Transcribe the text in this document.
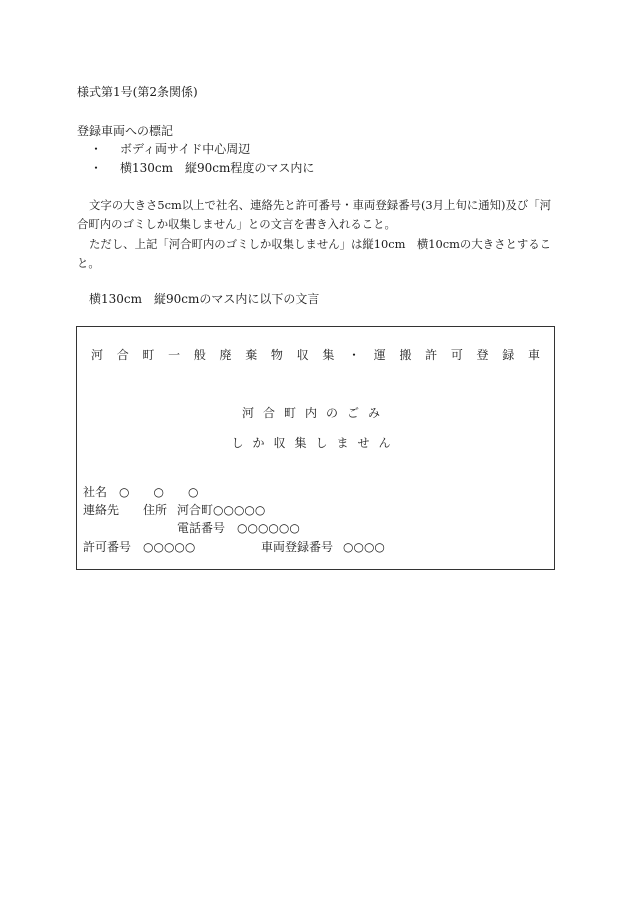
様式第1号(第2条関係)
登録車両への標記
・ ボディ両サイド中心周辺
・ 横130cm　縦90cm程度のマス内に
文字の大きさ5cm以上で社名、連絡先と許可番号・車両登録番号(3月上旬に通知)及び「河
合町内のゴミしか収集しません」との文言を書き入れること。
ただし、上記「河合町内のゴミしか収集しません」は縦10cm　横10cmの大きさとするこ
と。
横130cm　縦90cmのマス内に以下の文言
河 合 町 一 般 廃 棄 物 収 集 ・ 運 搬 許 可 登 録 車
河合町内のごみ
しか収集しません
社名 ○　○　○
連絡先 住所 河合町○○○○○
電話番号 ○○○○○○
許可番号 ○○○○○	車両登録番号 ○○○○
